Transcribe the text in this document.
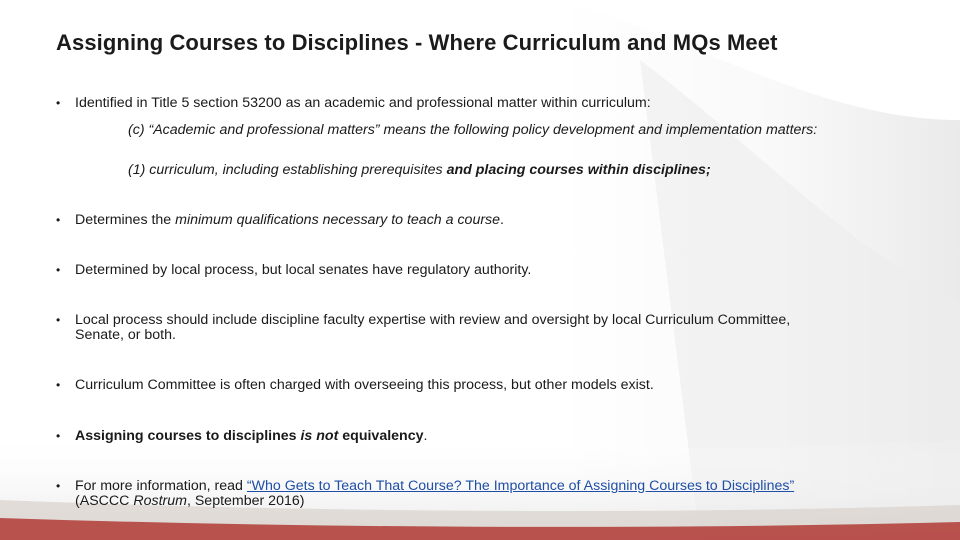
Assigning Courses to Disciplines - Where Curriculum and MQs Meet
• Identified in Title 5 section 53200 as an academic and professional matter within curriculum:
(c) “Academic and professional matters” means the following policy development and implementation matters:
(1) curriculum, including establishing prerequisites and placing courses within disciplines;
• Determines the minimum qualifications necessary to teach a course.
• Determined by local process, but local senates have regulatory authority.
• Local process should include discipline faculty expertise with review and oversight by local Curriculum Committee, Senate, or both.
• Curriculum Committee is often charged with overseeing this process, but other models exist.
• Assigning courses to disciplines is not equivalency.
• For more information, read “Who Gets to Teach That Course? The Importance of Assigning Courses to Disciplines” (ASCCC Rostrum, September 2016)
